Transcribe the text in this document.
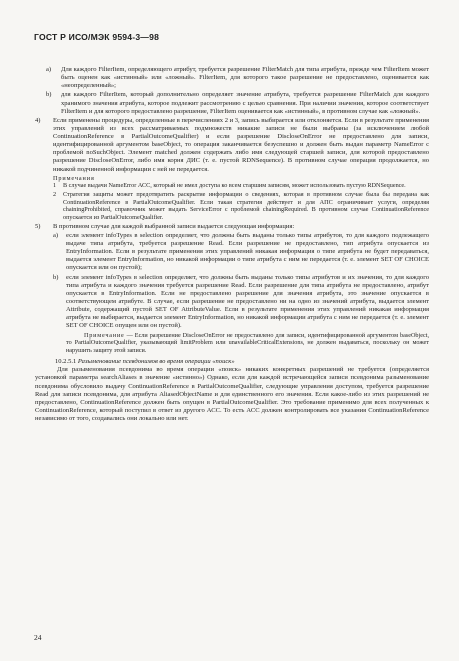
ГОСТ Р ИСО/МЭК 9594-3—98
a)	Для каждого FilterItem, определяющего атрибут, требуется разрешение FilterMatch для типа атрибута, прежде чем FilterItem может быть оценен как «истинный» или «ложный». FilterItem, для которого такое разрешение не предоставлено, оценивается как «неопределенный»;
b)	для каждого FilterItem, который дополнительно определяет значение атрибута, требуется разрешение FilterMatch для каждого хранимого значения атрибута, которое подлежит рассмотрению с целью сравнения. При наличии значения, которое соответствует FilterItem и для которого предоставлено разрешение, FilterItem оценивается как «истинный», в противном случае как «ложный».
4)	Если применены процедуры, определенные в перечислениях 2 и 3, запись выбирается или отклоняется. Если в результате применения этих управлений из всех рассматриваемых подмножеств никакие записи не были выбраны (за исключением любой ContinuationReference в PartialOutcomeQualifier) и если разрешение DiscloseOnError не предоставлено для записи, идентифицированной аргументом baseObject, то операция заканчивается безуспешно и должен быть выдан параметр NameError с проблемой noSuchObject. Элемент matched должен содержать либо имя следующей старшей записи, для которой предоставлено разрешение DiscloseOnError, либо имя корня ДИС (т. е. пустой RDNSequence). В противном случае операция продолжается, но никакой подчиненной информации с ней не передается.
Примечания
1	В случае выдачи NameError АСС, который не имел доступа ко всем старшим записям, может использовать пустую RDNSequence.
2	Стратегия защиты может предотвратить раскрытие информации о сведениях, которая в противном случае была бы передана как ContinuationReference в PartialOutcomeQualifier. Если такая стратегия действует и для АПС ограничивает услуги, определяя chainingProhibited, справочник может выдать ServiceError с проблемой chainingRequired. В противном случае ContinuationReference опускается из PartialOutcomeQualifier.
5)	В противном случае для каждой выбранной записи выдается следующая информация:
a)	если элемент infoTypes в selection определяет, что должны быть выданы только типы атрибутов, то для каждого подлежащего выдаче типа атрибута, требуется разрешение Read. Если разрешение не предоставлено, тип атрибута опускается из EntryInformation. Если в результате применения этих управлений никакая информация о типе атрибута не будет передаваться, выдается элемент EntryInformation, но никакой информации о типе атрибута с ним не передается (т. е. элемент SET OF CHOICE опускается или он пустой);
b)	если элемент infoTypes в selection определяет, что должны быть выданы только типы атрибутов и их значения, то для каждого типа атрибута и каждого значения требуется разрешение Read. Если разрешение для типа атрибута не предоставлено, атрибут опускается в EntryInformation. Если не предоставлено разрешение для значения атрибута, это значение опускается в соответствующем атрибуте. В случае, если разрешение не предоставлено ни на одно из значений атрибута, выдается элемент Attribute, содержащий пустой SET OF AttributeValue. Если в результате применения этих управлений никакая информация атрибута не выбирается, выдается элемент EntryInformation, но никакой информации атрибута с ним не передается (т. е. элемент SET OF CHOICE опущен или он пустой).
Примечание — Если разрешение DiscloseOnError не предоставлено для записи, идентифицированной аргументом baseObject, то PartialOutcomeQualifier, указывающий limitProblem или unavailableCriticalExtensions, не должен выдаваться, поскольку он может нарушить защиту этой записи.
10.2.5.1 Разыменование псевдонимов во время операции «поиск»

Для разыменования псевдонима во время операции «поиск» никаких конкретных разрешений не требуется (определяется установкой параметра searchAliases в значение «истинно») Однако, если для каждой встречающейся записи псевдонима разыменование псевдонима обусловило выдачу ContinuationReference в PartialOutcomeQualifier, следующие управления доступом, требуется разрешение Read для записи псевдонима, для атрибута AliasedObjectName и для единственного его значения. Если какое-либо из этих разрешений не предоставлено, ContinuationReference должен быть опущен в PartialOutcomeQualifier. Это требование применимо для всех полученных к ContinuationReference, который поступил в ответ из другого АСС. То есть АСС должен контролировать все указания ContinuationReference независимо от того, создавались они локально или нет.

24
